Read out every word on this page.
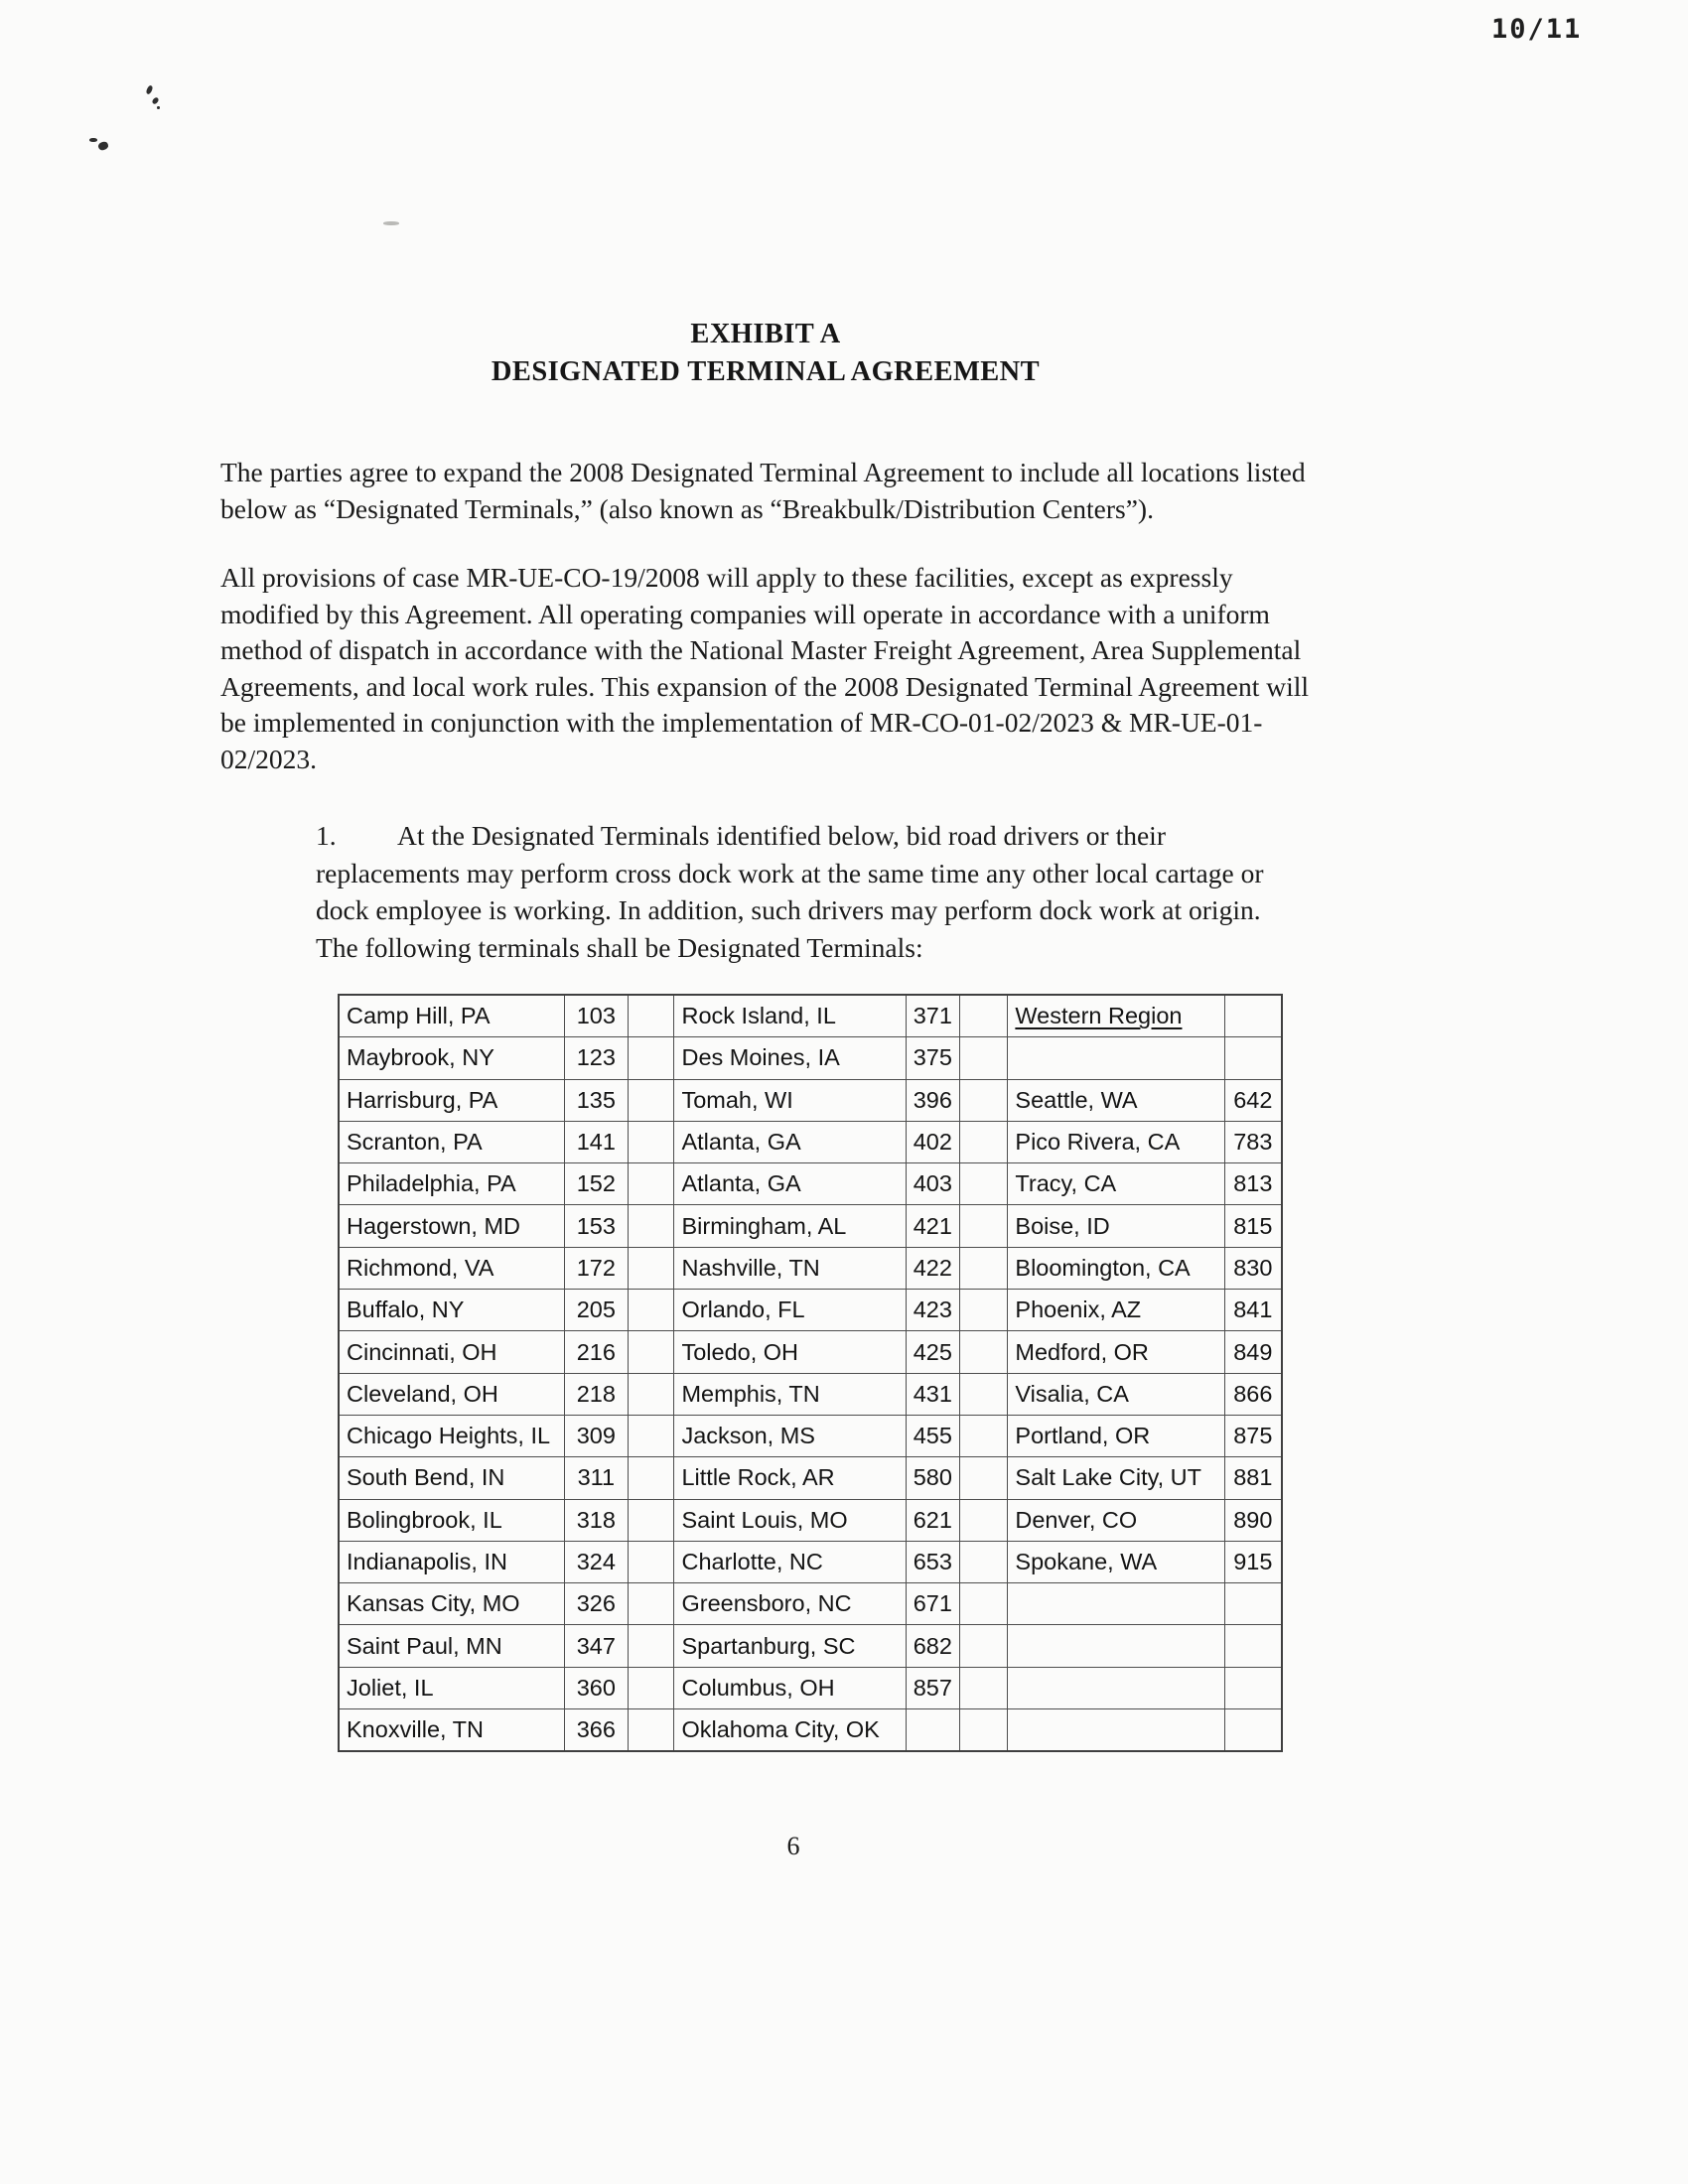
10/11
EXHIBIT A
DESIGNATED TERMINAL AGREEMENT

The parties agree to expand the 2008 Designated Terminal Agreement to include all locations listed below as “Designated Terminals,” (also known as “Breakbulk/Distribution Centers”).

All provisions of case MR-UE-CO-19/2008 will apply to these facilities, except as expressly modified by this Agreement. All operating companies will operate in accordance with a uniform method of dispatch in accordance with the National Master Freight Agreement, Area Supplemental Agreements, and local work rules. This expansion of the 2008 Designated Terminal Agreement will be implemented in conjunction with the implementation of MR-CO-01-02/2023 & MR-UE-01-02/2023.

1. At the Designated Terminals identified below, bid road drivers or their replacements may perform cross dock work at the same time any other local cartage or dock employee is working. In addition, such drivers may perform dock work at origin. The following terminals shall be Designated Terminals:
Camp Hill, PA	103		Rock Island, IL	371		Western Region	
Maybrook, NY	123		Des Moines, IA	375			
Harrisburg, PA	135		Tomah, WI	396		Seattle, WA	642
Scranton, PA	141		Atlanta, GA	402		Pico Rivera, CA	783
Philadelphia, PA	152		Atlanta, GA	403		Tracy, CA	813
Hagerstown, MD	153		Birmingham, AL	421		Boise, ID	815
Richmond, VA	172		Nashville, TN	422		Bloomington, CA	830
Buffalo, NY	205		Orlando, FL	423		Phoenix, AZ	841
Cincinnati, OH	216		Toledo, OH	425		Medford, OR	849
Cleveland, OH	218		Memphis, TN	431		Visalia, CA	866
Chicago Heights, IL	309		Jackson, MS	455		Portland, OR	875
South Bend, IN	311		Little Rock, AR	580		Salt Lake City, UT	881
Bolingbrook, IL	318		Saint Louis, MO	621		Denver, CO	890
Indianapolis, IN	324		Charlotte, NC	653		Spokane, WA	915
Kansas City, MO	326		Greensboro, NC	671			
Saint Paul, MN	347		Spartanburg, SC	682			
Joliet, IL	360		Columbus, OH	857			
Knoxville, TN	366		Oklahoma City, OK				
6
